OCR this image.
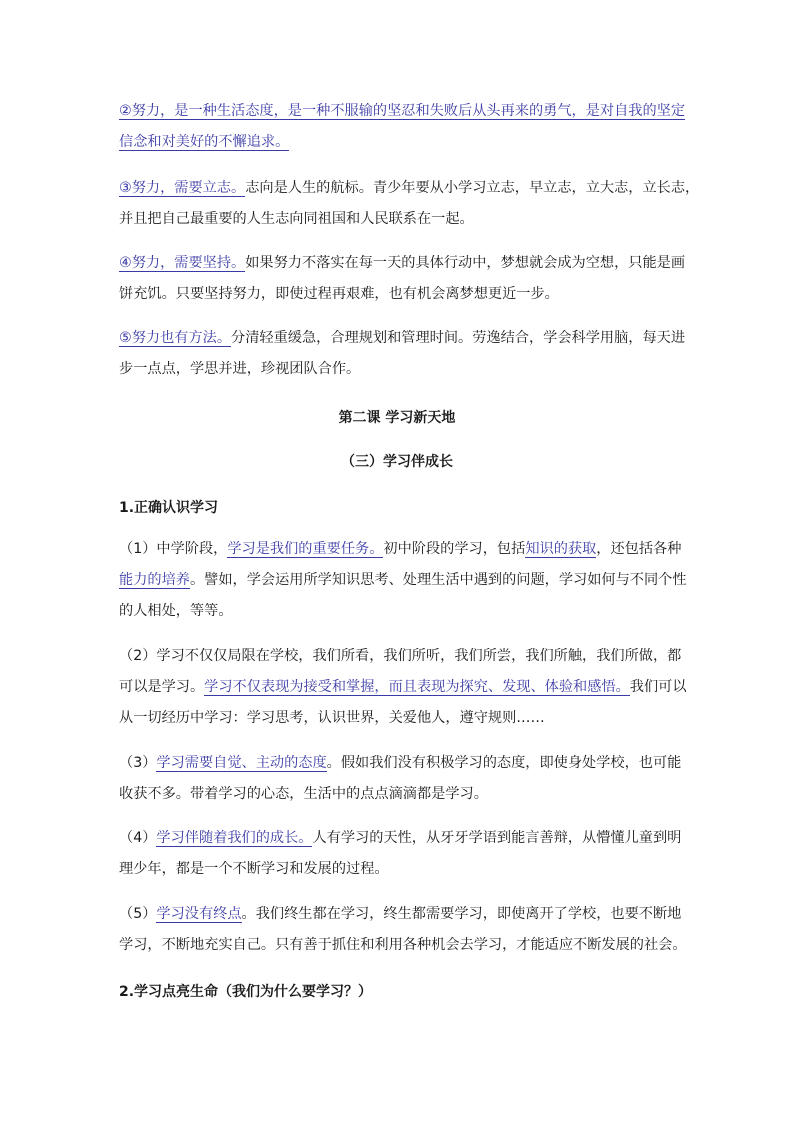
②努力，是一种生活态度，是一种不服输的坚忍和失败后从头再来的勇气，是对自我的坚定
信念和对美好的不懈追求。

③努力，需要立志。志向是人生的航标。青少年要从小学习立志，早立志，立大志，立长志，
并且把自己最重要的人生志向同祖国和人民联系在一起。

④努力，需要坚持。如果努力不落实在每一天的具体行动中，梦想就会成为空想，只能是画
饼充饥。只要坚持努力，即使过程再艰难，也有机会离梦想更近一步。

⑤努力也有方法。分清轻重缓急，合理规划和管理时间。劳逸结合，学会科学用脑，每天进
步一点点，学思并进，珍视团队合作。

第二课 学习新天地

（三）学习伴成长

1.正确认识学习

（1）中学阶段，学习是我们的重要任务。初中阶段的学习，包括知识的获取，还包括各种
能力的培养。譬如，学会运用所学知识思考、处理生活中遇到的问题，学习如何与不同个性
的人相处，等等。

（2）学习不仅仅局限在学校，我们所看，我们所听，我们所尝，我们所触，我们所做，都
可以是学习。学习不仅表现为接受和掌握，而且表现为探究、发现、体验和感悟。我们可以
从一切经历中学习：学习思考，认识世界，关爱他人，遵守规则……

（3）学习需要自觉、主动的态度。假如我们没有积极学习的态度，即使身处学校，也可能
收获不多。带着学习的心态，生活中的点点滴滴都是学习。

（4）学习伴随着我们的成长。人有学习的天性，从牙牙学语到能言善辩，从懵懂儿童到明
理少年，都是一个不断学习和发展的过程。

（5）学习没有终点。我们终生都在学习，终生都需要学习，即使离开了学校，也要不断地
学习，不断地充实自己。只有善于抓住和利用各种机会去学习，才能适应不断发展的社会。

2.学习点亮生命（我们为什么要学习？）
